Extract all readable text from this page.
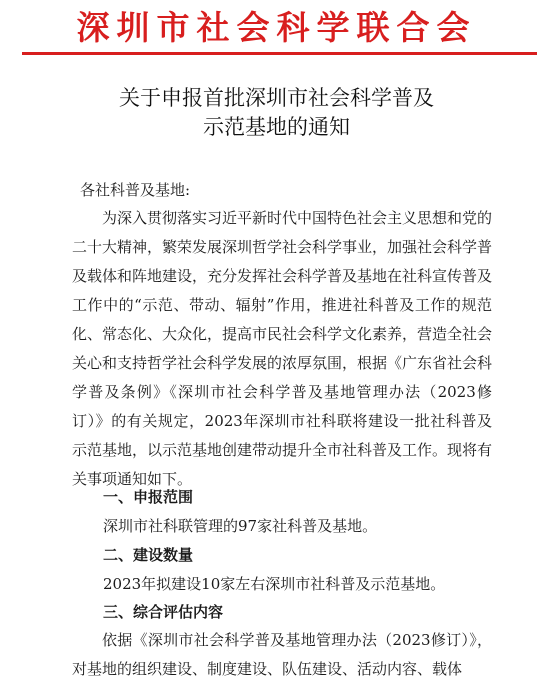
深圳市社会科学联合会
关于申报首批深圳市社会科学普及
示范基地的通知
各社科普及基地:

为深入贯彻落实习近平新时代中国特色社会主义思想和党的二十大精神，繁荣发展深圳哲学社会科学事业，加强社会科学普及载体和阵地建设，充分发挥社会科学普及基地在社科宣传普及工作中的“示范、带动、辐射”作用，推进社科普及工作的规范化、常态化、大众化，提高市民社会科学文化素养，营造全社会关心和支持哲学社会科学发展的浓厚氛围，根据《广东省社会科学普及条例》《深圳市社会科学普及基地管理办法（2023修订）》的有关规定，2023年深圳市社科联将建设一批社科普及示范基地，以示范基地创建带动提升全市社科普及工作。现将有关事项通知如下。

一、申报范围
深圳市社科联管理的97家社科普及基地。
二、建设数量
2023年拟建设10家左右深圳市社科普及示范基地。
三、综合评估内容

依据《深圳市社会科学普及基地管理办法（2023修订）》，对基地的组织建设、制度建设、队伍建设、活动内容、载体
